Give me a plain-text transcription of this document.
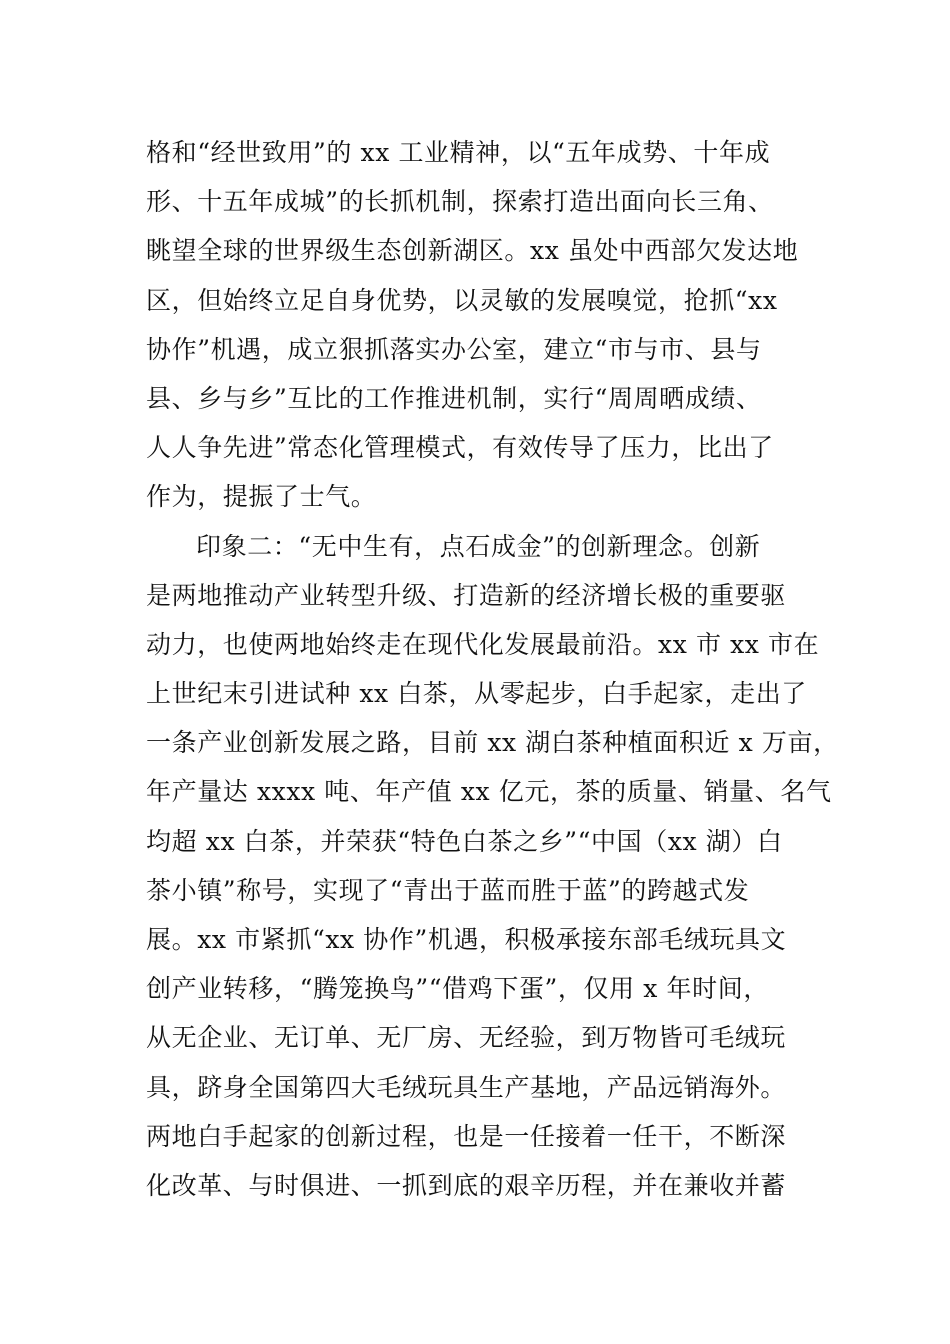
格和“经世致用”的 xx 工业精神，以“五年成势、十年成
形、十五年成城”的长抓机制，探索打造出面向长三角、
眺望全球的世界级生态创新湖区。xx 虽处中西部欠发达地
区，但始终立足自身优势，以灵敏的发展嗅觉，抢抓“xx
协作”机遇，成立狠抓落实办公室，建立“市与市、县与
县、乡与乡”互比的工作推进机制，实行“周周晒成绩、
人人争先进”常态化管理模式，有效传导了压力，比出了
作为，提振了士气。
印象二：“无中生有，点石成金”的创新理念。创新
是两地推动产业转型升级、打造新的经济增长极的重要驱
动力，也使两地始终走在现代化发展最前沿。xx 市 xx 市在
上世纪末引进试种 xx 白茶，从零起步，白手起家，走出了
一条产业创新发展之路，目前 xx 湖白茶种植面积近 x 万亩，
年产量达 xxxx 吨、年产值 xx 亿元，茶的质量、销量、名气
均超 xx 白茶，并荣获“特色白茶之乡”“中国（xx 湖）白
茶小镇”称号，实现了“青出于蓝而胜于蓝”的跨越式发
展。xx 市紧抓“xx 协作”机遇，积极承接东部毛绒玩具文
创产业转移，“腾笼换鸟”“借鸡下蛋”，仅用 x 年时间，
从无企业、无订单、无厂房、无经验，到万物皆可毛绒玩
具，跻身全国第四大毛绒玩具生产基地，产品远销海外。
两地白手起家的创新过程，也是一任接着一任干，不断深
化改革、与时俱进、一抓到底的艰辛历程，并在兼收并蓄
